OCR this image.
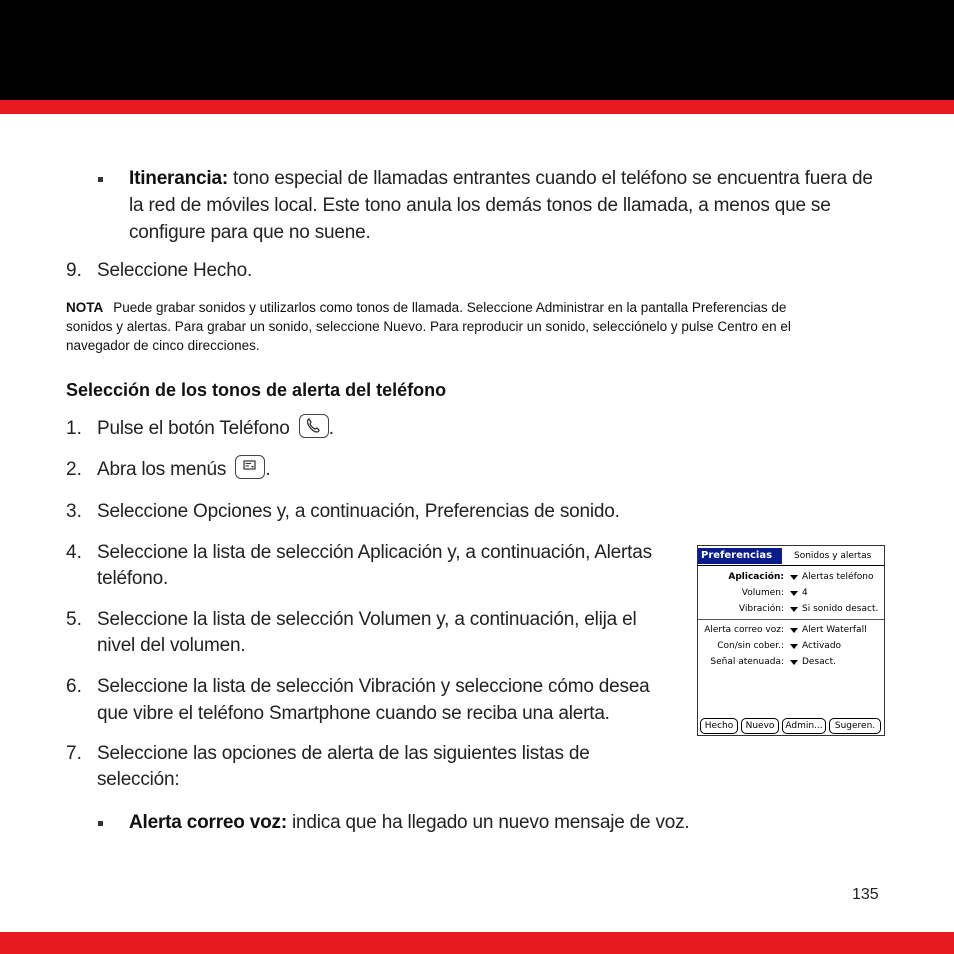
Itinerancia: tono especial de llamadas entrantes cuando el teléfono se encuentra fuera de
la red de móviles local. Este tono anula los demás tonos de llamada, a menos que se
configure para que no suene.
9. Seleccione Hecho.
NOTA Puede grabar sonidos y utilizarlos como tonos de llamada. Seleccione Administrar en la pantalla Preferencias de
sonidos y alertas. Para grabar un sonido, seleccione Nuevo. Para reproducir un sonido, selecciónelo y pulse Centro en el
navegador de cinco direcciones.
Selección de los tonos de alerta del teléfono
1. Pulse el botón Teléfono .
2. Abra los menús .
3. Seleccione Opciones y, a continuación, Preferencias de sonido.
4. Seleccione la lista de selección Aplicación y, a continuación, Alertas
teléfono.
5. Seleccione la lista de selección Volumen y, a continuación, elija el
nivel del volumen.
6. Seleccione la lista de selección Vibración y seleccione cómo desea
que vibre el teléfono Smartphone cuando se reciba una alerta.
7. Seleccione las opciones de alerta de las siguientes listas de
selección:
Alerta correo voz: indica que ha llegado un nuevo mensaje de voz.
Preferencias	Sonidos y alertas
Aplicación: Alertas teléfono
Volumen: 4
Vibración: Si sonido desact.
Alerta correo voz: Alert Waterfall
Con/sin cober.: Activado
Señal atenuada: Desact.
Hecho	Nuevo	Admin...	Sugeren.
135
